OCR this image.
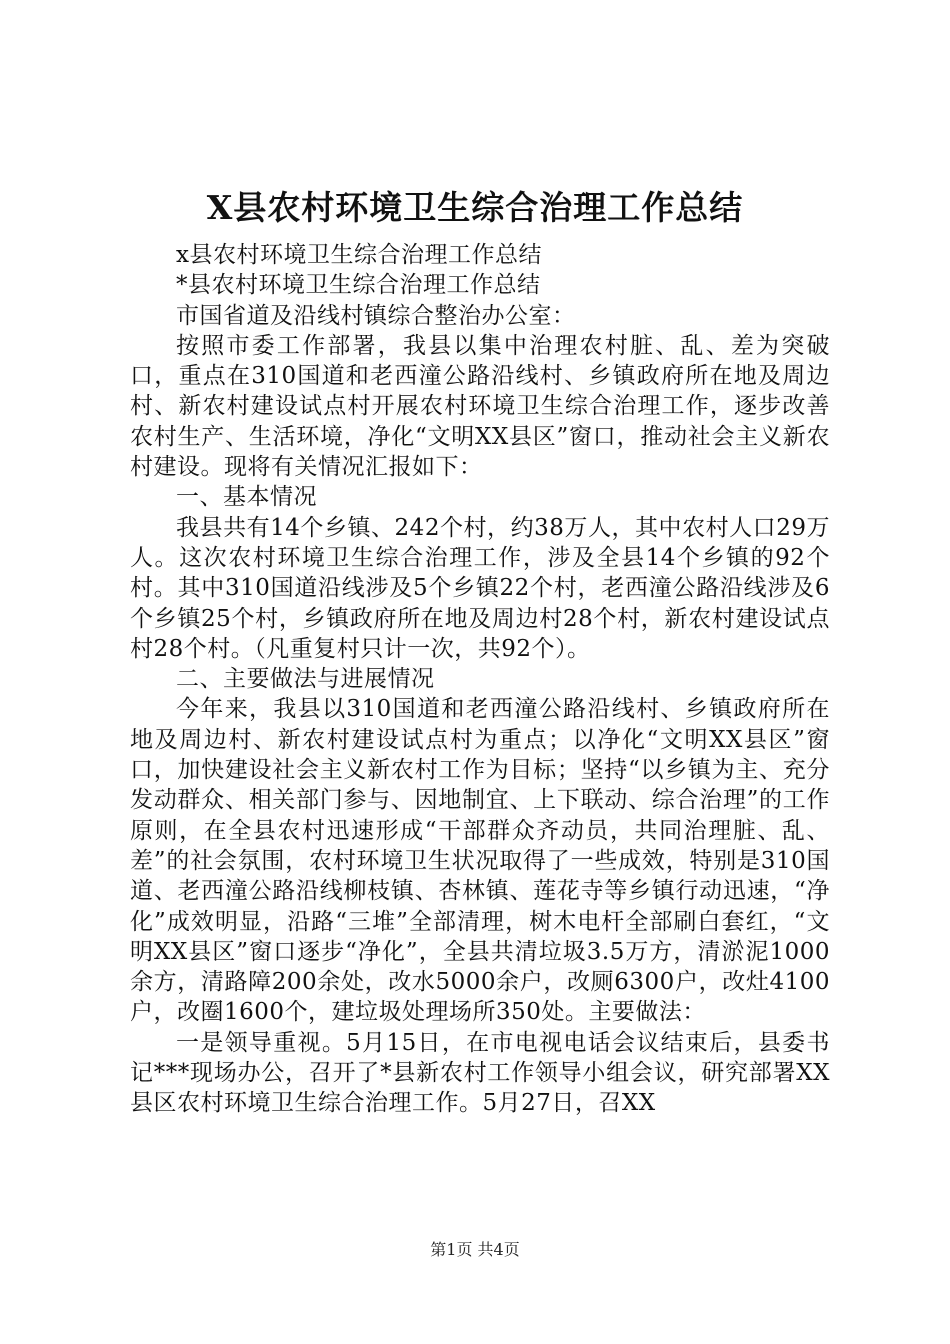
X县农村环境卫生综合治理工作总结

x县农村环境卫生综合治理工作总结

*县农村环境卫生综合治理工作总结

市国省道及沿线村镇综合整治办公室：

按照市委工作部署，我县以集中治理农村脏、乱、差为突破口，重点在310国道和老西潼公路沿线村、乡镇政府所在地及周边村、新农村建设试点村开展农村环境卫生综合治理工作，逐步改善农村生产、生活环境，净化“文明XX县区”窗口，推动社会主义新农村建设。现将有关情况汇报如下：

一、基本情况

我县共有14个乡镇、242个村，约38万人，其中农村人口29万人。这次农村环境卫生综合治理工作，涉及全县14个乡镇的92个村。其中310国道沿线涉及5个乡镇22个村，老西潼公路沿线涉及6个乡镇25个村，乡镇政府所在地及周边村28个村，新农村建设试点村28个村。（凡重复村只计一次，共92个）。

二、主要做法与进展情况

今年来，我县以310国道和老西潼公路沿线村、乡镇政府所在地及周边村、新农村建设试点村为重点；以净化“文明XX县区”窗口，加快建设社会主义新农村工作为目标；坚持“以乡镇为主、充分发动群众、相关部门参与、因地制宜、上下联动、综合治理”的工作原则，在全县农村迅速形成“干部群众齐动员，共同治理脏、乱、差”的社会氛围，农村环境卫生状况取得了一些成效，特别是310国道、老西潼公路沿线柳枝镇、杏林镇、莲花寺等乡镇行动迅速，“净化”成效明显，沿路“三堆”全部清理，树木电杆全部刷白套红，“文明XX县区”窗口逐步“净化”，全县共清垃圾3.5万方，清淤泥1000余方，清路障200余处，改水5000余户，改厕6300户，改灶4100户，改圈1600个，建垃圾处理场所350处。主要做法：

一是领导重视。5月15日，在市电视电话会议结束后，县委书记***现场办公，召开了*县新农村工作领导小组会议，研究部署XX县区农村环境卫生综合治理工作。5月27日，召XX

第1页 共4页
